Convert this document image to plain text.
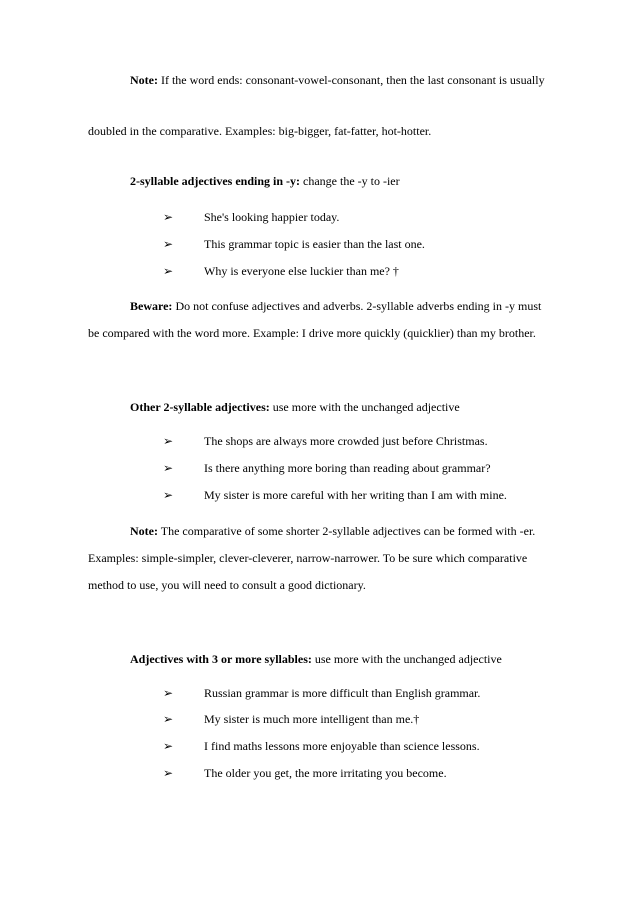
Note: If the word ends: consonant-vowel-consonant, then the last consonant is usually
doubled in the comparative. Examples: big-bigger, fat-fatter, hot-hotter.
2-syllable adjectives ending in -y: change the -y to -ier
➢	She's looking happier today.
➢	This grammar topic is easier than the last one.
➢	Why is everyone else luckier than me? †
Beware: Do not confuse adjectives and adverbs. 2-syllable adverbs ending in -y must
be compared with the word more. Example: I drive more quickly (quicklier) than my brother.
Other 2-syllable adjectives: use more with the unchanged adjective
➢	The shops are always more crowded just before Christmas.
➢	Is there anything more boring than reading about grammar?
➢	My sister is more careful with her writing than I am with mine.
Note: The comparative of some shorter 2-syllable adjectives can be formed with -er.
Examples: simple-simpler, clever-cleverer, narrow-narrower. To be sure which comparative
method to use, you will need to consult a good dictionary.
Adjectives with 3 or more syllables: use more with the unchanged adjective
➢	Russian grammar is more difficult than English grammar.
➢	My sister is much more intelligent than me.†
➢	I find maths lessons more enjoyable than science lessons.
➢	The older you get, the more irritating you become.
